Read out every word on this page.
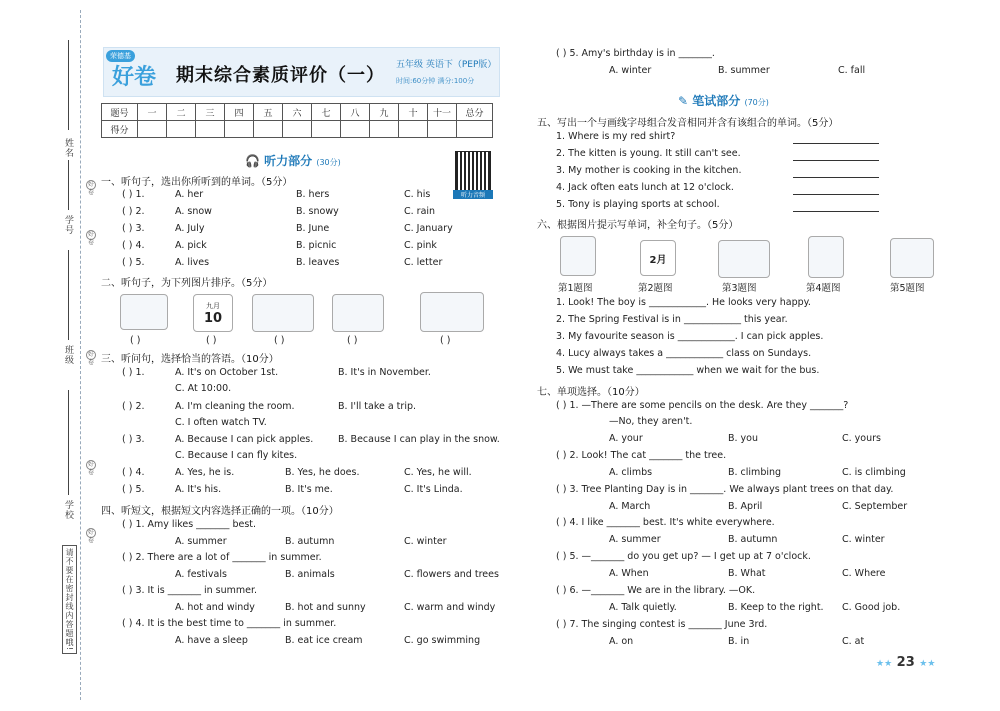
姓名
学号
班级
学校
请不要在密封线内答题哦!
好卷
好卷
好卷
好卷
好卷
荣德基
好卷 期末综合素质评价（一） 五年级 英语下（PEP版）
时间:60分钟 满分:100分
题号	一	二	三	四	五	六	七	八	九	十	十一	总分
得分												
🎧 听力部分 (30分)
听力音频
一、听句子，选出你所听到的单词。（5分）
( ) 1.	A. her	B. hers	C. his
( ) 2.	A. snow	B. snowy	C. rain
( ) 3.	A. July	B. June	C. January
( ) 4.	A. pick	B. picnic	C. pink
( ) 5.	A. lives	B. leaves	C. letter
二、听句子，为下列图片排序。（5分）
九月
10
( )	( )	( )	( )	( )
三、听问句，选择恰当的答语。（10分）
( ) 1.	A. It's on October 1st.	B. It's in November.
C. At 10:00.
( ) 2.	A. I'm cleaning the room.	B. I'll take a trip.
C. I often watch TV.
( ) 3.	A. Because I can pick apples.	B. Because I can play in the snow.
C. Because I can fly kites.
( ) 4.	A. Yes, he is.	B. Yes, he does.	C. Yes, he will.
( ) 5.	A. It's his.	B. It's me.	C. It's Linda.
四、听短文，根据短文内容选择正确的一项。（10分）
( ) 1. Amy likes _______ best.
A. summer	B. autumn	C. winter
( ) 2. There are a lot of _______ in summer.
A. festivals	B. animals	C. flowers and trees
( ) 3. It is _______ in summer.
A. hot and windy	B. hot and sunny	C. warm and windy
( ) 4. It is the best time to _______ in summer.
A. have a sleep	B. eat ice cream	C. go swimming
( ) 5. Amy's birthday is in _______.
A. winter	B. summer	C. fall
✎ 笔试部分 (70分)
五、写出一个与画线字母组合发音相同并含有该组合的单词。（5分）
1. Where is my red shirt?
2. The kitten is young. It still can't see.
3. My mother is cooking in the kitchen.
4. Jack often eats lunch at 12 o'clock.
5. Tony is playing sports at school.
六、根据图片提示写单词，补全句子。（5分）
2月
第1题图	第2题图	第3题图	第4题图	第5题图
1. Look! The boy is ____________. He looks very happy.
2. The Spring Festival is in ____________ this year.
3. My favourite season is ____________. I can pick apples.
4. Lucy always takes a ____________ class on Sundays.
5. We must take ____________ when we wait for the bus.
七、单项选择。（10分）
( ) 1. —There are some pencils on the desk. Are they _______?
—No, they aren't.
A. your	B. you	C. yours
( ) 2. Look! The cat _______ the tree.
A. climbs	B. climbing	C. is climbing
( ) 3. Tree Planting Day is in _______. We always plant trees on that day.
A. March	B. April	C. September
( ) 4. I like _______ best. It's white everywhere.
A. summer	B. autumn	C. winter
( ) 5. —_______ do you get up? — I get up at 7 o'clock.
A. When	B. What	C. Where
( ) 6. —_______ We are in the library. —OK.
A. Talk quietly.	B. Keep to the right. C. Good job.
( ) 7. The singing contest is _______ June 3rd.
A. on	B. in	C. at
★★ 23 ★★
